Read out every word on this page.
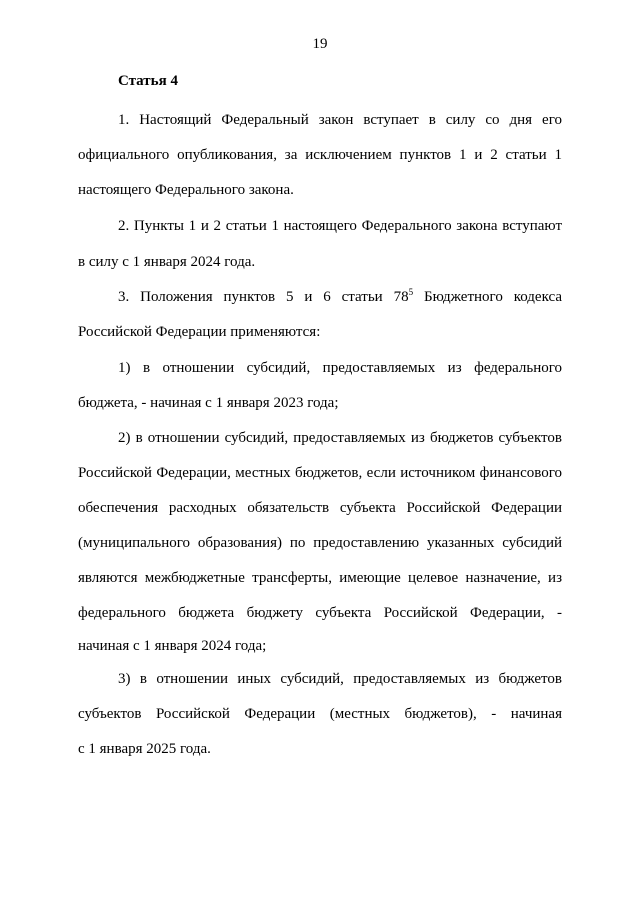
19
Статья 4
1. Настоящий Федеральный закон вступает в силу со дня его
официального опубликования, за исключением пунктов 1 и 2 статьи 1
настоящего Федерального закона.
2. Пункты 1 и 2 статьи 1 настоящего Федерального закона вступают
в силу с 1 января 2024 года.
3. Положения пунктов 5 и 6 статьи 78$^5$ Бюджетного кодекса
Российской Федерации применяются:
1) в отношении субсидий, предоставляемых из федерального
бюджета, - начиная с 1 января 2023 года;
2) в отношении субсидий, предоставляемых из бюджетов субъектов
Российской Федерации, местных бюджетов, если источником финансового
обеспечения расходных обязательств субъекта Российской Федерации
(муниципального образования) по предоставлению указанных субсидий
являются межбюджетные трансферты, имеющие целевое назначение, из
федерального бюджета бюджету субъекта Российской Федерации, -
начиная с 1 января 2024 года;
3) в отношении иных субсидий, предоставляемых из бюджетов
субъектов Российской Федерации (местных бюджетов), - начиная
с 1 января 2025 года.
